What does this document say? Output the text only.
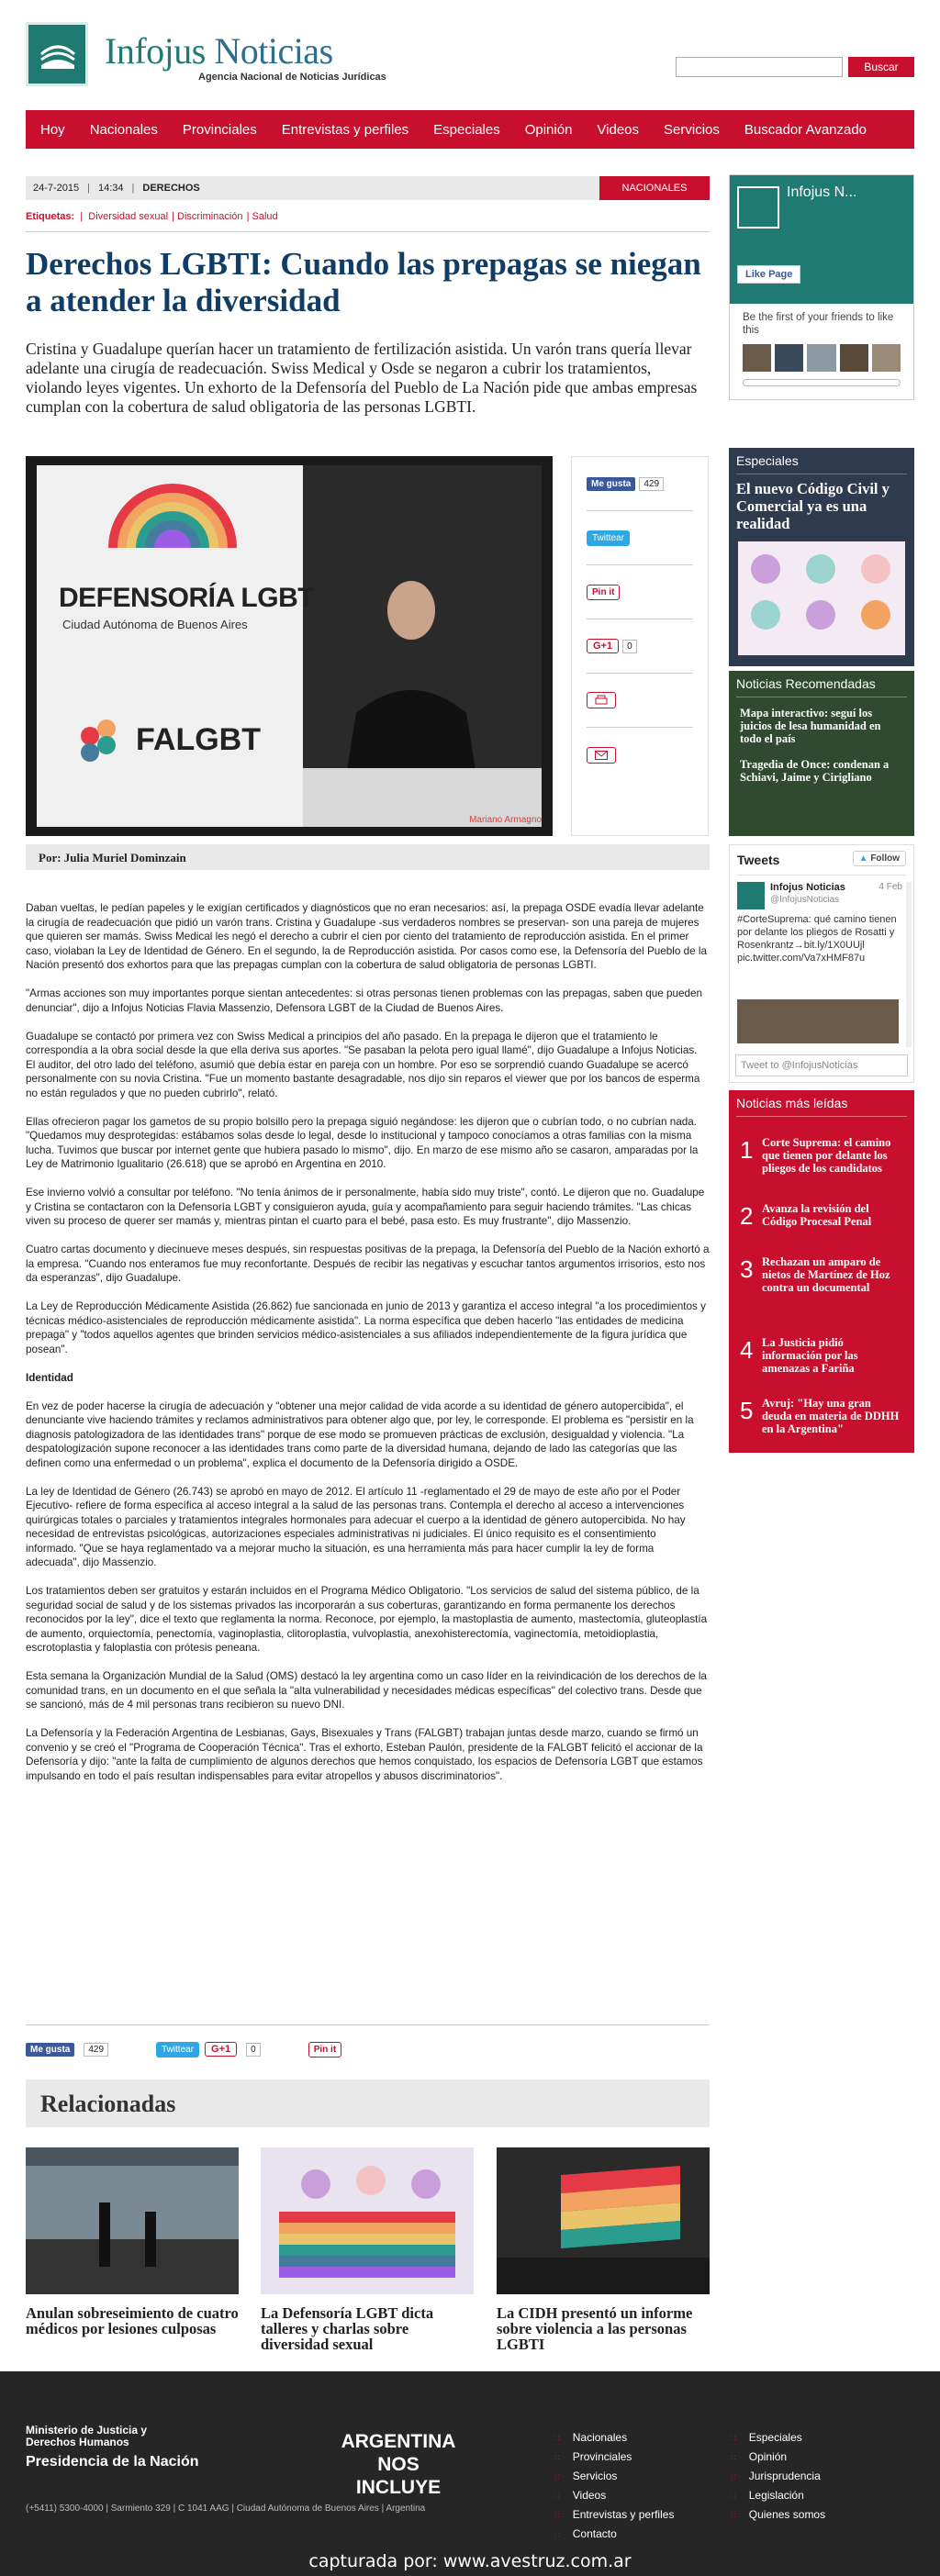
Infojus Noticias
Agencia Nacional de Noticias Jurídicas
Buscar
Hoy Nacionales Provinciales Entrevistas y perfiles Especiales Opinión Videos Servicios Buscador Avanzado
24-7-2015 | 14:34 | DERECHOS	NACIONALES
Etiquetas:  |  Diversidad sexual | Discriminación | Salud
Derechos LGBTI: Cuando las prepagas se niegan a atender la diversidad

Cristina y Guadalupe querían hacer un tratamiento de fertilización asistida. Un varón trans quería llevar adelante una cirugía de readecuación. Swiss Medical y Osde se negaron a cubrir los tratamientos, violando leyes vigentes. Un exhorto de la Defensoría del Pueblo de La Nación pide que ambas empresas cumplan con la cobertura de salud obligatoria de las personas LGBTI.

DEFENSORÍA LGBT
Ciudad Autónoma de Buenos Aires
FALGBT
Mariano Armagno
Me gusta	429
Twittear
Pin it
G+1	0
Por: Julia Muriel Dominzain

Daban vueltas, le pedían papeles y le exigían certificados y diagnósticos que no eran necesarios: así, la prepaga OSDE evadía llevar adelante la cirugía de readecuación que pidió un varón trans. Cristina y Guadalupe -sus verdaderos nombres se preservan- son una pareja de mujeres que quieren ser mamás. Swiss Medical les negó el derecho a cubrir el cien por ciento del tratamiento de reproducción asistida. En el primer caso, violaban la Ley de Identidad de Género. En el segundo, la de Reproducción asistida. Por casos como ese, la Defensoría del Pueblo de la Nación presentó dos exhortos para que las prepagas cumplan con la cobertura de salud obligatoria de personas LGBTI.

"Armas acciones son muy importantes porque sientan antecedentes: si otras personas tienen problemas con las prepagas, saben que pueden denunciar", dijo a Infojus Noticias Flavia Massenzio, Defensora LGBT de la Ciudad de Buenos Aires.

Guadalupe se contactó por primera vez con Swiss Medical a principios del año pasado. En la prepaga le dijeron que el tratamiento le correspondía a la obra social desde la que ella deriva sus aportes. "Se pasaban la pelota pero igual llamé", dijo Guadalupe a Infojus Noticias. El auditor, del otro lado del teléfono, asumió que debía estar en pareja con un hombre. Por eso se sorprendió cuando Guadalupe se acercó personalmente con su novia Cristina. "Fue un momento bastante desagradable, nos dijo sin reparos el viewer que por los bancos de esperma no están regulados y que no pueden cubrirlo", relató.

Ellas ofrecieron pagar los gametos de su propio bolsillo pero la prepaga siguió negándose: les dijeron que o cubrían todo, o no cubrían nada. "Quedamos muy desprotegidas: estábamos solas desde lo legal, desde lo institucional y tampoco conocíamos a otras familias con la misma lucha. Tuvimos que buscar por internet gente que hubiera pasado lo mismo", dijo. En marzo de ese mismo año se casaron, amparadas por la Ley de Matrimonio Igualitario (26.618) que se aprobó en Argentina en 2010.

Ese invierno volvió a consultar por teléfono. "No tenía ánimos de ir personalmente, había sido muy triste", contó. Le dijeron que no. Guadalupe y Cristina se contactaron con la Defensoría LGBT y consiguieron ayuda, guía y acompañamiento para seguir haciendo trámites. "Las chicas viven su proceso de querer ser mamás y, mientras pintan el cuarto para el bebé, pasa esto. Es muy frustrante", dijo Massenzio.

Cuatro cartas documento y diecinueve meses después, sin respuestas positivas de la prepaga, la Defensoría del Pueblo de la Nación exhortó a la empresa. "Cuando nos enteramos fue muy reconfortante. Después de recibir las negativas y escuchar tantos argumentos irrisorios, esto nos da esperanzas", dijo Guadalupe.

La Ley de Reproducción Médicamente Asistida (26.862) fue sancionada en junio de 2013 y garantiza el acceso integral "a los procedimientos y técnicas médico-asistenciales de reproducción médicamente asistida". La norma específica que deben hacerlo "las entidades de medicina prepaga" y "todos aquellos agentes que brinden servicios médico-asistenciales a sus afiliados independientemente de la figura jurídica que posean".

Identidad

En vez de poder hacerse la cirugía de adecuación y "obtener una mejor calidad de vida acorde a su identidad de género autopercibida", el denunciante vive haciendo trámites y reclamos administrativos para obtener algo que, por ley, le corresponde. El problema es "persistir en la diagnosis patologizadora de las identidades trans" porque de ese modo se promueven prácticas de exclusión, desigualdad y violencia. "La despatologización supone reconocer a las identidades trans como parte de la diversidad humana, dejando de lado las categorías que las definen como una enfermedad o un problema", explica el documento de la Defensoría dirigido a OSDE.

La ley de Identidad de Género (26.743) se aprobó en mayo de 2012. El artículo 11 -reglamentado el 29 de mayo de este año por el Poder Ejecutivo- refiere de forma específica al acceso integral a la salud de las personas trans. Contempla el derecho al acceso a intervenciones quirúrgicas totales o parciales y tratamientos integrales hormonales para adecuar el cuerpo a la identidad de género autopercibida. No hay necesidad de entrevistas psicológicas, autorizaciones especiales administrativas ni judiciales. El único requisito es el consentimiento informado. "Que se haya reglamentado va a mejorar mucho la situación, es una herramienta más para hacer cumplir la ley de forma adecuada", dijo Massenzio.

Los tratamientos deben ser gratuitos y estarán incluidos en el Programa Médico Obligatorio. "Los servicios de salud del sistema público, de la seguridad social de salud y de los sistemas privados las incorporarán a sus coberturas, garantizando en forma permanente los derechos reconocidos por la ley", dice el texto que reglamenta la norma. Reconoce, por ejemplo, la mastoplastia de aumento, mastectomía, gluteoplastía de aumento, orquiectomía, penectomía, vaginoplastia, clitoroplastia, vulvoplastia, anexohisterectomía, vaginectomía, metoidioplastia, escrotoplastia y faloplastia con prótesis peneana.

Esta semana la Organización Mundial de la Salud (OMS) destacó la ley argentina como un caso líder en la reivindicación de los derechos de la comunidad trans, en un documento en el que señala la "alta vulnerabilidad y necesidades médicas específicas" del colectivo trans. Desde que se sancionó, más de 4 mil personas trans recibieron su nuevo DNI.

La Defensoría y la Federación Argentina de Lesbianas, Gays, Bisexuales y Trans (FALGBT) trabajan juntas desde marzo, cuando se firmó un convenio y se creó el "Programa de Cooperación Técnica". Tras el exhorto, Esteban Paulón, presidente de la FALGBT felicitó el accionar de la Defensoría y dijo: "ante la falta de cumplimiento de algunos derechos que hemos conquistado, los espacios de Defensoría LGBT que estamos impulsando en todo el país resultan indispensables para evitar atropellos y abusos discriminatorios".

Me gusta	429	Twittear	G+1	0	Pin it
Relacionadas
Anulan sobreseimiento de cuatro médicos por lesiones culposas
La Defensoría LGBT dicta talleres y charlas sobre diversidad sexual
La CIDH presentó un informe sobre violencia a las personas LGBTI
Infojus N...
Like Page
Be the first of your friends to like this
Especiales
El nuevo Código Civil y Comercial ya es una realidad
Noticias Recomendadas
Mapa interactivo: seguí los juicios de lesa humanidad en todo el país
Tragedia de Once: condenan a Schiavi, Jaime y Cirigliano
Tweets	▲ Follow
Infojus Noticias	4 Feb
@InfojusNoticias
#CorteSuprema: qué camino tienen por delante los pliegos de Rosatti y Rosenkrantz→bit.ly/1X0UUjl pic.twitter.com/Va7xHMF87u
Tweet to @InfojusNoticias
Noticias más leídas
1 Corte Suprema: el camino que tienen por delante los pliegos de los candidatos
2 Avanza la revisión del Código Procesal Penal
3 Rechazan un amparo de nietos de Martínez de Hoz contra un documental
4 La Justicia pidió información por las amenazas a Fariña
5 Avruj: "Hay una gran deuda en materia de DDHH en la Argentina"
Ministerio de Justicia y Derechos Humanos
Presidencia de la Nación
(+5411) 5300-4000 | Sarmiento 329 | C 1041 AAG | Ciudad Autónoma de Buenos Aires | Argentina
ARGENTINA
NOS INCLUYE
∷ Nacionales
∷ Provinciales
∷ Servicios
∷ Videos
∷ Entrevistas y perfiles
∷ Contacto
∷ Especiales
∷ Opinión
∷ Jurisprudencia
∷ Legislación
∷ Quienes somos
capturada por: www.avestruz.com.ar
